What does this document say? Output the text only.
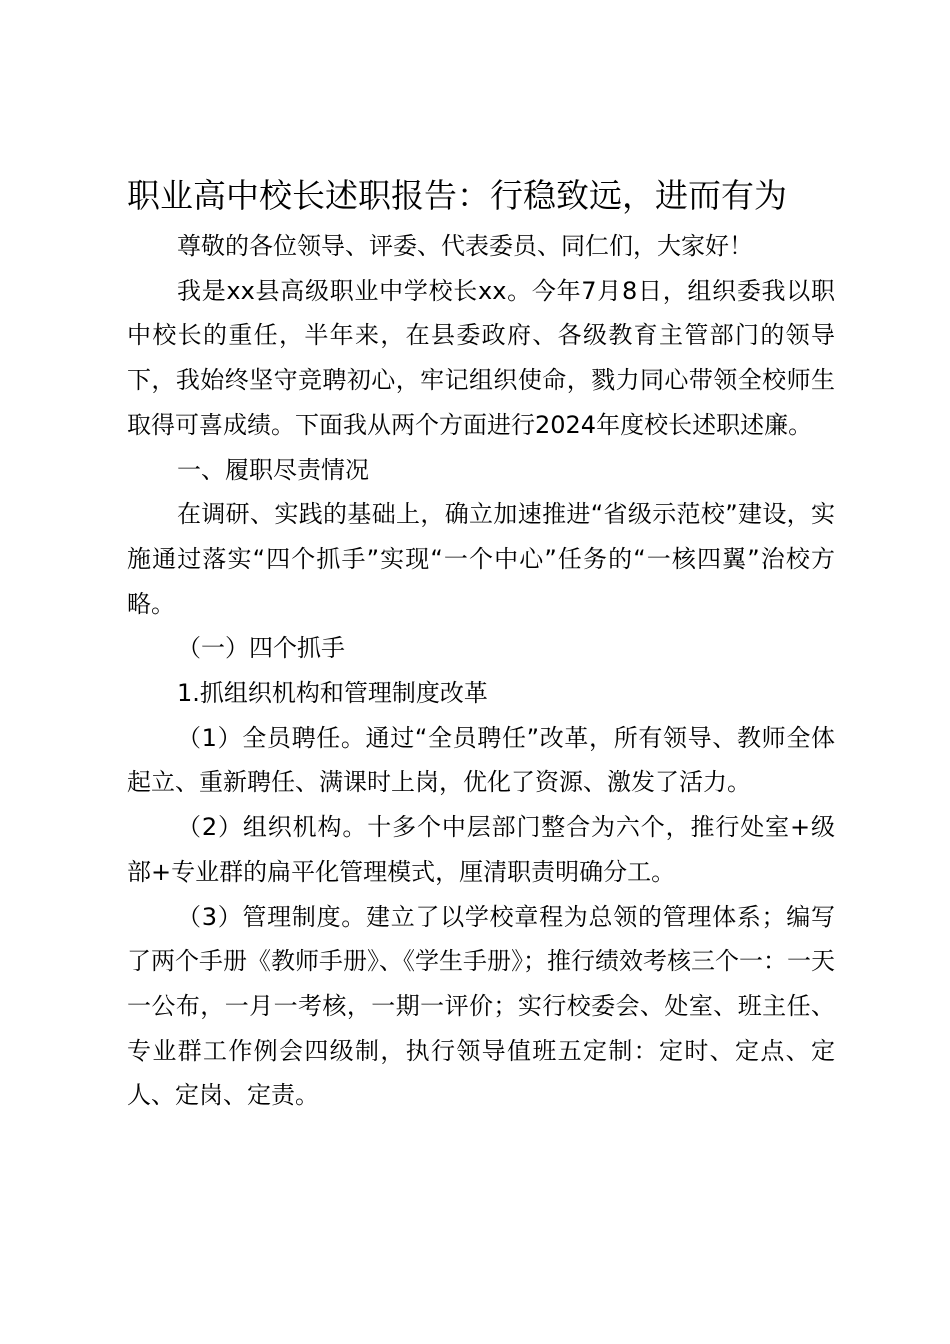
职业高中校长述职报告：行稳致远，进而有为

尊敬的各位领导、评委、代表委员、同仁们，大家好！

我是xx县高级职业中学校长xx。今年7月8日，组织委我以职中校长的重任，半年来，在县委政府、各级教育主管部门的领导下，我始终坚守竞聘初心，牢记组织使命，戮力同心带领全校师生取得可喜成绩。下面我从两个方面进行2024年度校长述职述廉。

一、履职尽责情况

在调研、实践的基础上，确立加速推进“省级示范校”建设，实施通过落实“四个抓手”实现“一个中心”任务的“一核四翼”治校方略。

（一）四个抓手

1.抓组织机构和管理制度改革

（1）全员聘任。通过“全员聘任”改革，所有领导、教师全体起立、重新聘任、满课时上岗，优化了资源、激发了活力。

（2）组织机构。十多个中层部门整合为六个，推行处室+级部+专业群的扁平化管理模式，厘清职责明确分工。

（3）管理制度。建立了以学校章程为总领的管理体系；编写了两个手册《教师手册》、《学生手册》；推行绩效考核三个一：一天一公布，一月一考核，一期一评价；实行校委会、处室、班主任、专业群工作例会四级制，执行领导值班五定制：定时、定点、定人、定岗、定责。
